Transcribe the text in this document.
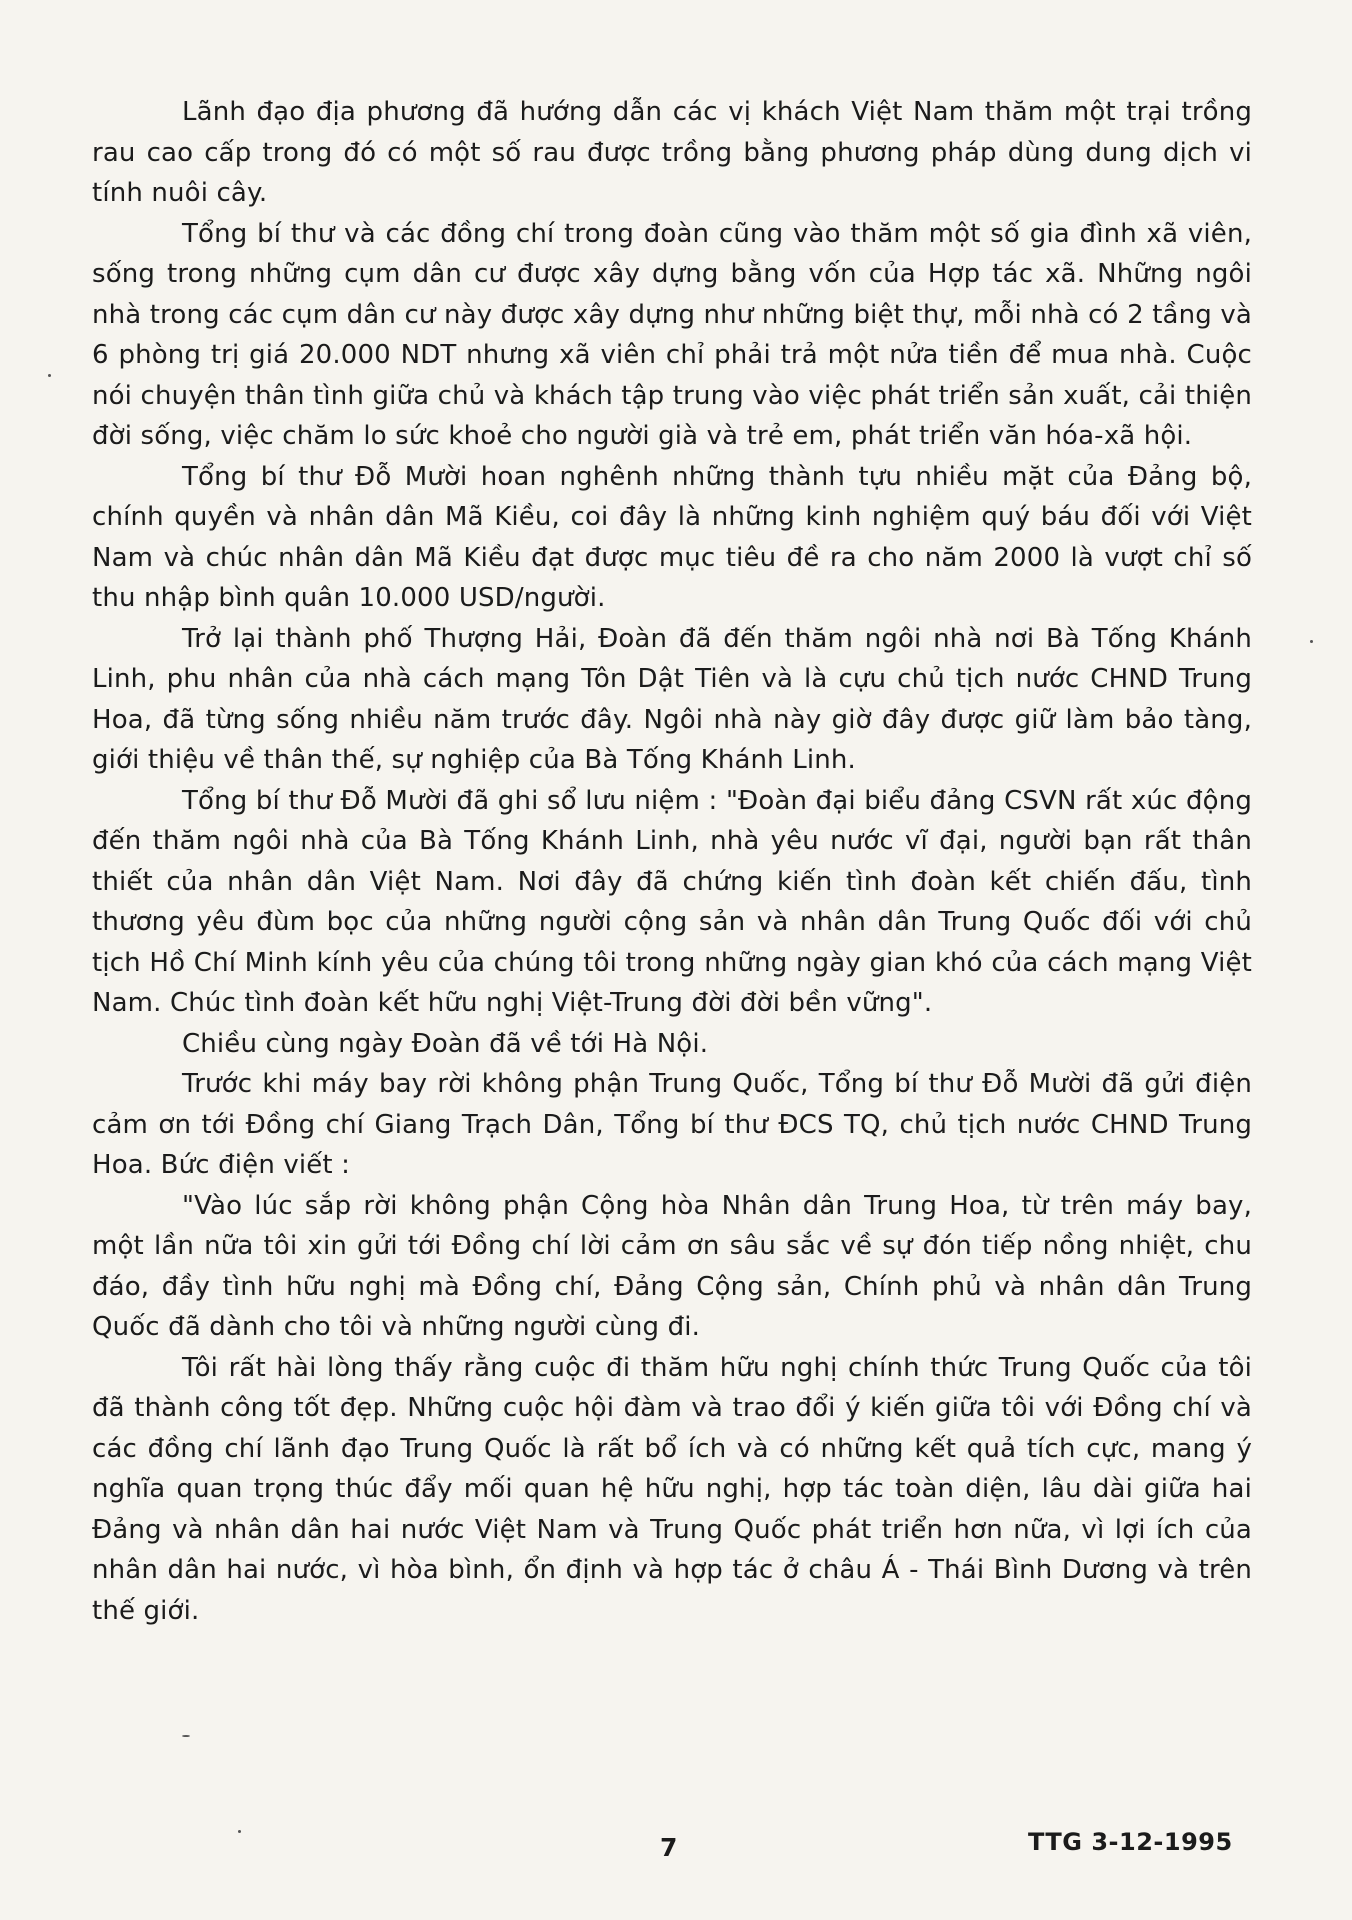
Lãnh đạo địa phương đã hướng dẫn các vị khách Việt Nam thăm một trại trồng rau cao cấp trong đó có một số rau được trồng bằng phương pháp dùng dung dịch vi tính nuôi cây.

Tổng bí thư và các đồng chí trong đoàn cũng vào thăm một số gia đình xã viên, sống trong những cụm dân cư được xây dựng bằng vốn của Hợp tác xã. Những ngôi nhà trong các cụm dân cư này được xây dựng như những biệt thự, mỗi nhà có 2 tầng và 6 phòng trị giá 20.000 NDT nhưng xã viên chỉ phải trả một nửa tiền để mua nhà. Cuộc nói chuyện thân tình giữa chủ và khách tập trung vào việc phát triển sản xuất, cải thiện đời sống, việc chăm lo sức khoẻ cho người già và trẻ em, phát triển văn hóa-xã hội.

Tổng bí thư Đỗ Mười hoan nghênh những thành tựu nhiều mặt của Đảng bộ, chính quyền và nhân dân Mã Kiều, coi đây là những kinh nghiệm quý báu đối với Việt Nam và chúc nhân dân Mã Kiều đạt được mục tiêu đề ra cho năm 2000 là vượt chỉ số thu nhập bình quân 10.000 USD/người.

Trở lại thành phố Thượng Hải, Đoàn đã đến thăm ngôi nhà nơi Bà Tống Khánh Linh, phu nhân của nhà cách mạng Tôn Dật Tiên và là cựu chủ tịch nước CHND Trung Hoa, đã từng sống nhiều năm trước đây. Ngôi nhà này giờ đây được giữ làm bảo tàng, giới thiệu về thân thế, sự nghiệp của Bà Tống Khánh Linh.

Tổng bí thư Đỗ Mười đã ghi sổ lưu niệm : "Đoàn đại biểu đảng CSVN rất xúc động đến thăm ngôi nhà của Bà Tống Khánh Linh, nhà yêu nước vĩ đại, người bạn rất thân thiết của nhân dân Việt Nam. Nơi đây đã chứng kiến tình đoàn kết chiến đấu, tình thương yêu đùm bọc của những người cộng sản và nhân dân Trung Quốc đối với chủ tịch Hồ Chí Minh kính yêu của chúng tôi trong những ngày gian khó của cách mạng Việt Nam. Chúc tình đoàn kết hữu nghị Việt-Trung đời đời bền vững".

Chiều cùng ngày Đoàn đã về tới Hà Nội.

Trước khi máy bay rời không phận Trung Quốc, Tổng bí thư Đỗ Mười đã gửi điện cảm ơn tới Đồng chí Giang Trạch Dân, Tổng bí thư ĐCS TQ, chủ tịch nước CHND Trung Hoa. Bức điện viết :

"Vào lúc sắp rời không phận Cộng hòa Nhân dân Trung Hoa, từ trên máy bay, một lần nữa tôi xin gửi tới Đồng chí lời cảm ơn sâu sắc về sự đón tiếp nồng nhiệt, chu đáo, đầy tình hữu nghị mà Đồng chí, Đảng Cộng sản, Chính phủ và nhân dân Trung Quốc đã dành cho tôi và những người cùng đi.

Tôi rất hài lòng thấy rằng cuộc đi thăm hữu nghị chính thức Trung Quốc của tôi đã thành công tốt đẹp. Những cuộc hội đàm và trao đổi ý kiến giữa tôi với Đồng chí và các đồng chí lãnh đạo Trung Quốc là rất bổ ích và có những kết quả tích cực, mang ý nghĩa quan trọng thúc đẩy mối quan hệ hữu nghị, hợp tác toàn diện, lâu dài giữa hai Đảng và nhân dân hai nước Việt Nam và Trung Quốc phát triển hơn nữa, vì lợi ích của nhân dân hai nước, vì hòa bình, ổn định và hợp tác ở châu Á - Thái Bình Dương và trên thế giới.

7	TTG 3-12-1995
